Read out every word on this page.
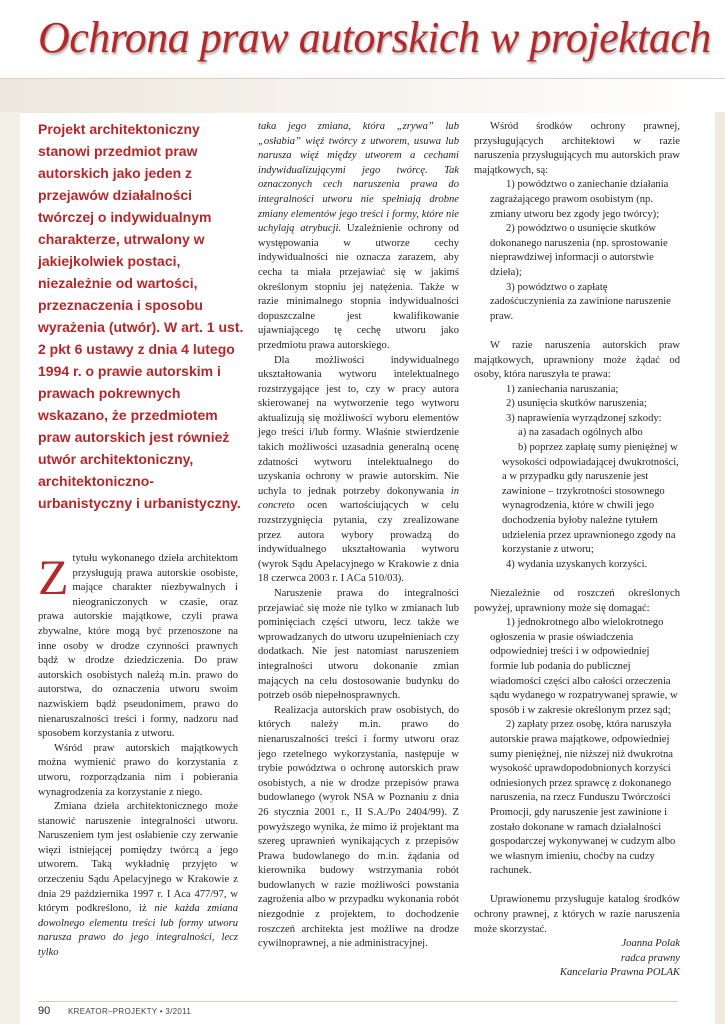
Ochrona praw autorskich w projektach
Projekt architektoniczny stanowi przedmiot praw autorskich jako jeden z przejawów działalności twórczej o indywidualnym charakterze, utrwalony w jakiejkolwiek postaci, niezależnie od wartości, przeznaczenia i sposobu wyrażenia (utwór). W art. 1 ust. 2 pkt 6 ustawy z dnia 4 lutego 1994 r. o prawie autorskim i prawach pokrewnych wskazano, że przedmiotem praw autorskich jest również utwór architektoniczny, architektoniczno-urbanistyczny i urbanistyczny.

Ztytułu wykonanego dzieła architektom przysługują prawa autorskie osobiste, mające charakter niezbywalnych i nieograniczonych w czasie, oraz prawa autorskie majątkowe, czyli prawa zbywalne, które mogą być przenoszone na inne osoby w drodze czynności prawnych bądź w drodze dziedziczenia. Do praw autorskich osobistych należą m.in. prawo do autorstwa, do oznaczenia utworu swoim nazwiskiem bądź pseudonimem, prawo do nienaruszalności treści i formy, nadzoru nad sposobem korzystania z utworu.

Wśród praw autorskich majątkowych można wymienić prawo do korzystania z utworu, rozporządzania nim i pobierania wynagrodzenia za korzystanie z niego.

Zmiana dzieła architektonicznego może stanowić naruszenie integralności utworu. Naruszeniem tym jest osłabienie czy zerwanie więzi istniejącej pomiędzy twórcą a jego utworem. Taką wykładnię przyjęto w orzeczeniu Sądu Apelacyjnego w Krakowie z dnia 29 października 1997 r. I Aca 477/97, w którym podkreślono, iż nie każda zmiana dowolnego elementu treści lub formy utworu narusza prawo do jego integralności, lecz tylko

taka jego zmiana, która „zrywa” lub „osłabia” więź twórcy z utworem, usuwa lub narusza więź między utworem a cechami indywidualizującymi jego twórcę. Tak oznaczonych cech naruszenia prawa do integralności utworu nie spełniają drobne zmiany elementów jego treści i formy, które nie uchylają atrybucji. Uzależnienie ochrony od występowania w utworze cechy indywidualności nie oznacza zarazem, aby cecha ta miała przejawiać się w jakimś określonym stopniu jej natężenia. Także w razie minimalnego stopnia indywidualności dopuszczalne jest kwalifikowanie ujawniającego tę cechę utworu jako przedmiotu prawa autorskiego.

Dla możliwości indywidualnego ukształtowania wytworu intelektualnego rozstrzygające jest to, czy w pracy autora skierowanej na wytworzenie tego wytworu aktualizują się możliwości wyboru elementów jego treści i/lub formy. Właśnie stwierdzenie takich możliwości uzasadnia generalną ocenę zdatności wytworu intelektualnego do uzyskania ochrony w prawie autorskim. Nie uchyla to jednak potrzeby dokonywania in concreto ocen wartościujących w celu rozstrzygnięcia pytania, czy zrealizowane przez autora wybory prowadzą do indywidualnego ukształtowania wytworu (wyrok Sądu Apelacyjnego w Krakowie z dnia 18 czerwca 2003 r. I ACa 510/03).

Naruszenie prawa do integralności przejawiać się może nie tylko w zmianach lub pominięciach części utworu, lecz także we wprowadzanych do utworu uzupełnieniach czy dodatkach. Nie jest natomiast naruszeniem integralności utworu dokonanie zmian mających na celu dostosowanie budynku do potrzeb osób niepełnosprawnych.

Realizacja autorskich praw osobistych, do których należy m.in. prawo do nienaruszalności treści i formy utworu oraz jego rzetelnego wykorzystania, następuje w trybie powództwa o ochronę autorskich praw osobistych, a nie w drodze przepisów prawa budowlanego (wyrok NSA w Poznaniu z dnia 26 stycznia 2001 r., II S.A./Po 2404/99). Z powyższego wynika, że mimo iż projektant ma szereg uprawnień wynikających z przepisów Prawa budowlanego do m.in. żądania od kierownika budowy wstrzymania robót budowlanych w razie możliwości powstania zagrożenia albo w przypadku wykonania robót niezgodnie z projektem, to dochodzenie roszczeń architekta jest możliwe na drodze cywilnoprawnej, a nie administracyjnej.

Wśród środków ochrony prawnej, przysługujących architektowi w razie naruszenia przysługujących mu autorskich praw majątkowych, są:

1) powództwo o zaniechanie działania zagrażającego prawom osobistym (np. zmiany utworu bez zgody jego twórcy);

2) powództwo o usunięcie skutków dokonanego naruszenia (np. sprostowanie nieprawdziwej informacji o autorstwie dzieła);

3) powództwo o zapłatę zadośćuczynienia za zawinione naruszenie praw.

W razie naruszenia autorskich praw majątkowych, uprawniony może żądać od osoby, która naruszyła te prawa:

1) zaniechania naruszania;

2) usunięcia skutków naruszenia;

3) naprawienia wyrządzonej szkody:

a) na zasadach ogólnych albo

b) poprzez zapłatę sumy pieniężnej w wysokości odpowiadającej dwukrotności, a w przypadku gdy naruszenie jest zawinione – trzykrotności stosownego wynagrodzenia, które w chwili jego dochodzenia byłoby należne tytułem udzielenia przez uprawnionego zgody na korzystanie z utworu;

4) wydania uzyskanych korzyści.

Niezależnie od roszczeń określonych powyżej, uprawniony może się domagać:

1) jednokrotnego albo wielokrotnego ogłoszenia w prasie oświadczenia odpowiedniej treści i w odpowiedniej formie lub podania do publicznej wiadomości części albo całości orzeczenia sądu wydanego w rozpatrywanej sprawie, w sposób i w zakresie określonym przez sąd;

2) zapłaty przez osobę, która naruszyła autorskie prawa majątkowe, odpowiedniej sumy pieniężnej, nie niższej niż dwukrotna wysokość uprawdopodobnionych korzyści odniesionych przez sprawcę z dokonanego naruszenia, na rzecz Funduszu Twórczości Promocji, gdy naruszenie jest zawinione i zostało dokonane w ramach działalności gospodarczej wykonywanej w cudzym albo we własnym imieniu, choćby na cudzy rachunek.

Uprawionemu przysługuje katalog środków ochrony prawnej, z których w razie naruszenia może skorzystać.

Joanna Polak

radca prawny

Kancelaria Prawna POLAK

90 KREATOR–PROJEKTY • 3/2011
